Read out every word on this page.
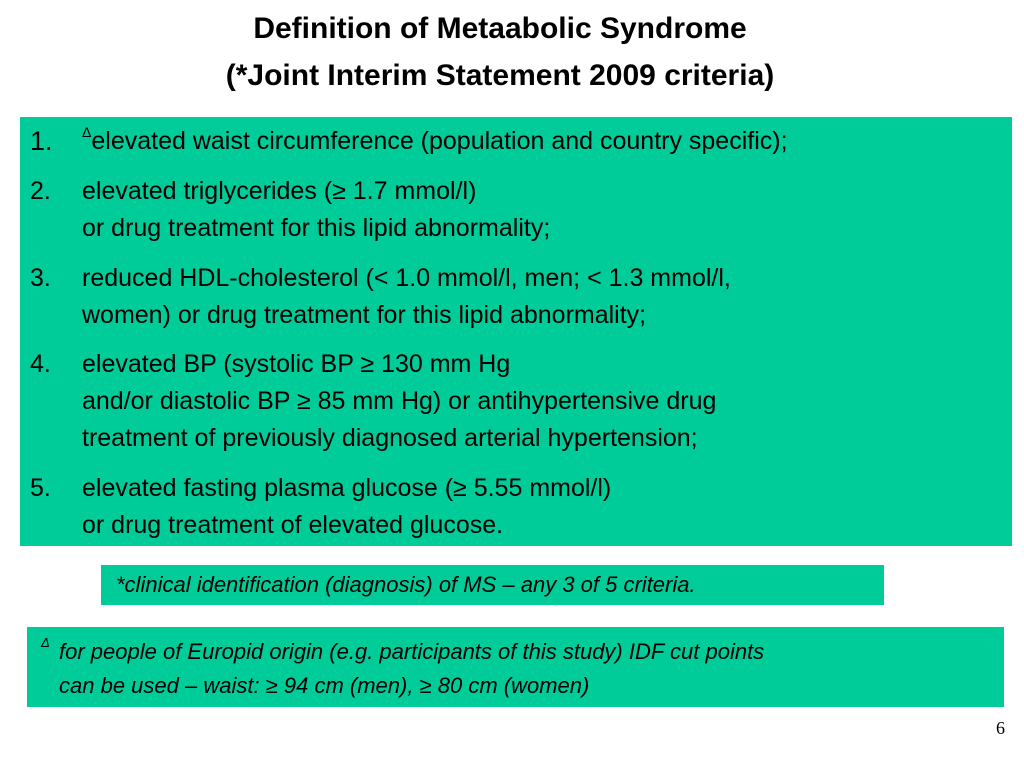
Definition of Metaabolic Syndrome
(*Joint Interim Statement 2009 criteria)
1. $^\Delta$elevated waist circumference (population and country specific);
2. elevated triglycerides (≥ 1.7 mmol/l)
or drug treatment for this lipid abnormality;
3. reduced HDL-cholesterol (< 1.0 mmol/l, men; < 1.3 mmol/l,
women) or drug treatment for this lipid abnormality;
4. elevated BP (systolic BP ≥ 130 mm Hg
and/or diastolic BP ≥ 85 mm Hg) or antihypertensive drug
treatment of previously diagnosed arterial hypertension;
5. elevated fasting plasma glucose (≥ 5.55 mmol/l)
or drug treatment of elevated glucose.
*clinical identification (diagnosis) of MS – any 3 of 5 criteria.
Δ for people of Europid origin (e.g. participants of this study) IDF cut points
can be used – waist: ≥ 94 cm (men), ≥ 80 cm (women)
6
